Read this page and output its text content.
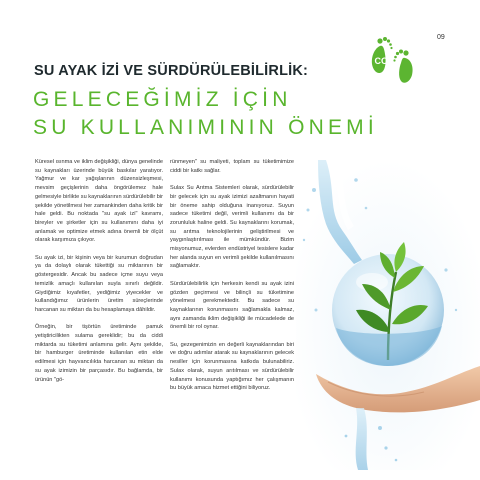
09
CO 2
SU AYAK İZİ VE SÜRDÜRÜLEBİLİRLİK:
GELECEĞİMİZ İÇİN
SU KULLANIMININ ÖNEMİ

Küresel ısınma ve iklim değişikliği, dünya genelinde su kaynakları üzerinde büyük baskılar yaratıyor. Yağmur ve kar yağışlarının düzensizleşmesi, mevsim geçişlerinin daha öngörülemez hale gelmesiyle birlikte su kaynaklarının sürdürülebilir bir şekilde yönetilmesi her zamankinden daha kritik bir hale geldi. Bu noktada "su ayak izi" kavramı, bireyler ve şirketler için su kullanımını daha iyi anlamak ve optimize etmek adına önemli bir ölçüt olarak karşımıza çıkıyor.

Su ayak izi, bir kişinin veya bir kurumun doğrudan ya da dolaylı olarak tükettiği su miktarının bir göstergesidir. Ancak bu sadece içme suyu veya temizlik amaçlı kullanılan suyla sınırlı değildir. Giydiğimiz kıyafetler, yediğimiz yiyecekler ve kullandığımız ürünlerin üretim süreçlerinde harcanan su miktarı da bu hesaplamaya dâhildir.

Örneğin, bir tişörtün üretiminde pamuk yetiştiricilikten sulama gereklidir; bu da ciddi miktarda su tüketimi anlamına gelir. Aynı şekilde, bir hamburger üretiminde kullanılan etin elde edilmesi için hayvancılıkta harcanan su miktarı da su ayak izimizin bir parçasıdır. Bu bağlamda, bir ürünün "gö-

rünmeyen" su maliyeti, toplam su tüketimimize ciddi bir katkı sağlar.

Sulax Su Arıtma Sistemleri olarak, sürdürülebilir bir gelecek için su ayak izimizi azaltmanın hayati bir öneme sahip olduğuna inanıyoruz. Suyun sadece tüketimi değil, verimli kullanımı da bir zorunluluk haline geldi. Su kaynaklarını korumak, su arıtma teknolojilerinin geliştirilmesi ve yaygınlaştırılması ile mümkündür. Bizim misyonumuz, evlerden endüstriyel tesislere kadar her alanda suyun en verimli şekilde kullanılmasını sağlamaktır.

Sürdürülebilirlik için herkesin kendi su ayak izini gözden geçirmesi ve bilinçli su tüketimine yönelmesi gerekmektedir. Bu sadece su kaynaklarının korunmasını sağlamakla kalmaz, aynı zamanda iklim değişikliği ile mücadelede de önemli bir rol oynar.

Su, gezegenimizin en değerli kaynaklarından biri ve doğru adımlar atarak su kaynaklarının gelecek nesiller için korunmasına katkıda bulunabiliriz. Sulax olarak, suyun arıtılması ve sürdürülebilir kullanımı konusunda yaptığımız her çalışmanın bu büyük amaca hizmet ettiğini biliyoruz.
